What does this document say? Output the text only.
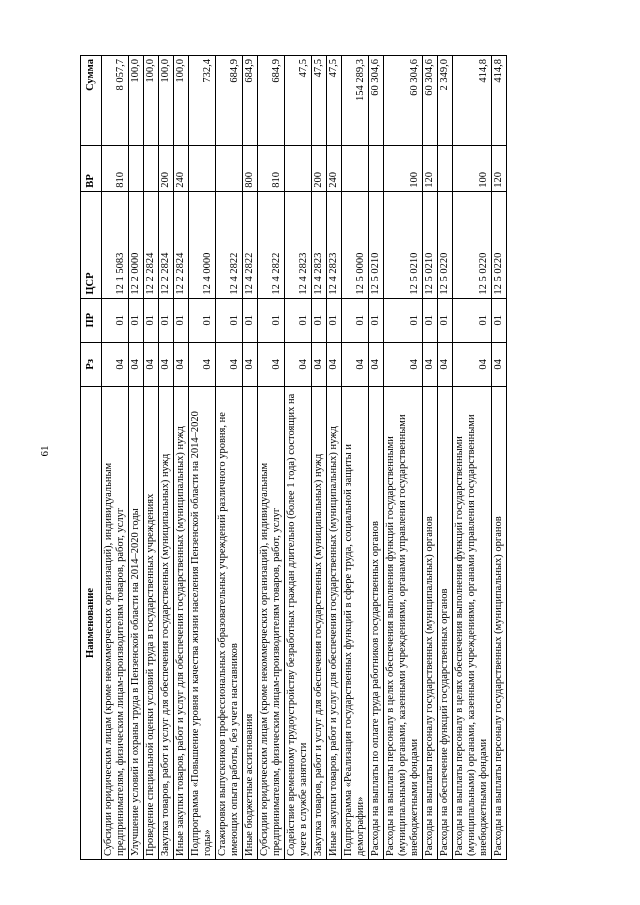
61
Наименование	Рз	ПР	ЦСР	ВР	Сумма
Субсидии юридическим лицам (кроме некоммерческих организаций), индивидуальным предпринимателям, физическим лицам-производителям товаров, работ, услуг	04	01	12 1 5083	810	8 057,7
Улучшение условий и охраны труда в Пензенской области на 2014–2020 годы	04	01	12 2 0000		100,0
Проведение специальной оценки условий труда в государственных учреждениях	04	01	12 2 2824		100,0
Закупка товаров, работ и услуг для обеспечения государственных (муниципальных) нужд	04	01	12 2 2824	200	100,0
Иные закупки товаров, работ и услуг для обеспечения государственных (муниципальных) нужд	04	01	12 2 2824	240	100,0
Подпрограмма «Повышение уровня и качества жизни населения Пензенской области на 2014–2020 годы»	04	01	12 4 0000		732,4
Стажировки выпускников профессиональных образовательных учреждений различного уровня, не имеющих опыта работы, без учета наставников	04	01	12 4 2822		684,9
Иные бюджетные ассигнования	04	01	12 4 2822	800	684,9
Субсидии юридическим лицам (кроме некоммерческих организаций), индивидуальным предпринимателям, физическим лицам-производителям товаров, работ, услуг	04	01	12 4 2822	810	684,9
Содействие временному трудоустройству безработных граждан длительно (более 1 года) состоящих на учете в службе занятости	04	01	12 4 2823		47,5
Закупка товаров, работ и услуг для обеспечения государственных (муниципальных) нужд	04	01	12 4 2823	200	47,5
Иные закупки товаров, работ и услуг для обеспечения государственных (муниципальных) нужд	04	01	12 4 2823	240	47,5
Подпрограмма «Реализация государственных функций в сфере труда, социальной защиты и демографии»	04	01	12 5 0000		154 289,3
Расходы на выплаты по оплате труда работников государственных органов	04	01	12 5 0210		60 304,6
Расходы на выплаты персоналу в целях обеспечения выполнения функций государственными (муниципальными) органами, казенными учреждениями, органами управления государственными внебюджетными фондами	04	01	12 5 0210	100	60 304,6
Расходы на выплаты персоналу государственных (муниципальных) органов	04	01	12 5 0210	120	60 304,6
Расходы на обеспечение функций государственных органов	04	01	12 5 0220		2 349,0
Расходы на выплаты персоналу в целях обеспечения выполнения функций государственными (муниципальными) органами, казенными учреждениями, органами управления государственными внебюджетными фондами	04	01	12 5 0220	100	414,8
Расходы на выплаты персоналу государственных (муниципальных) органов	04	01	12 5 0220	120	414,8
